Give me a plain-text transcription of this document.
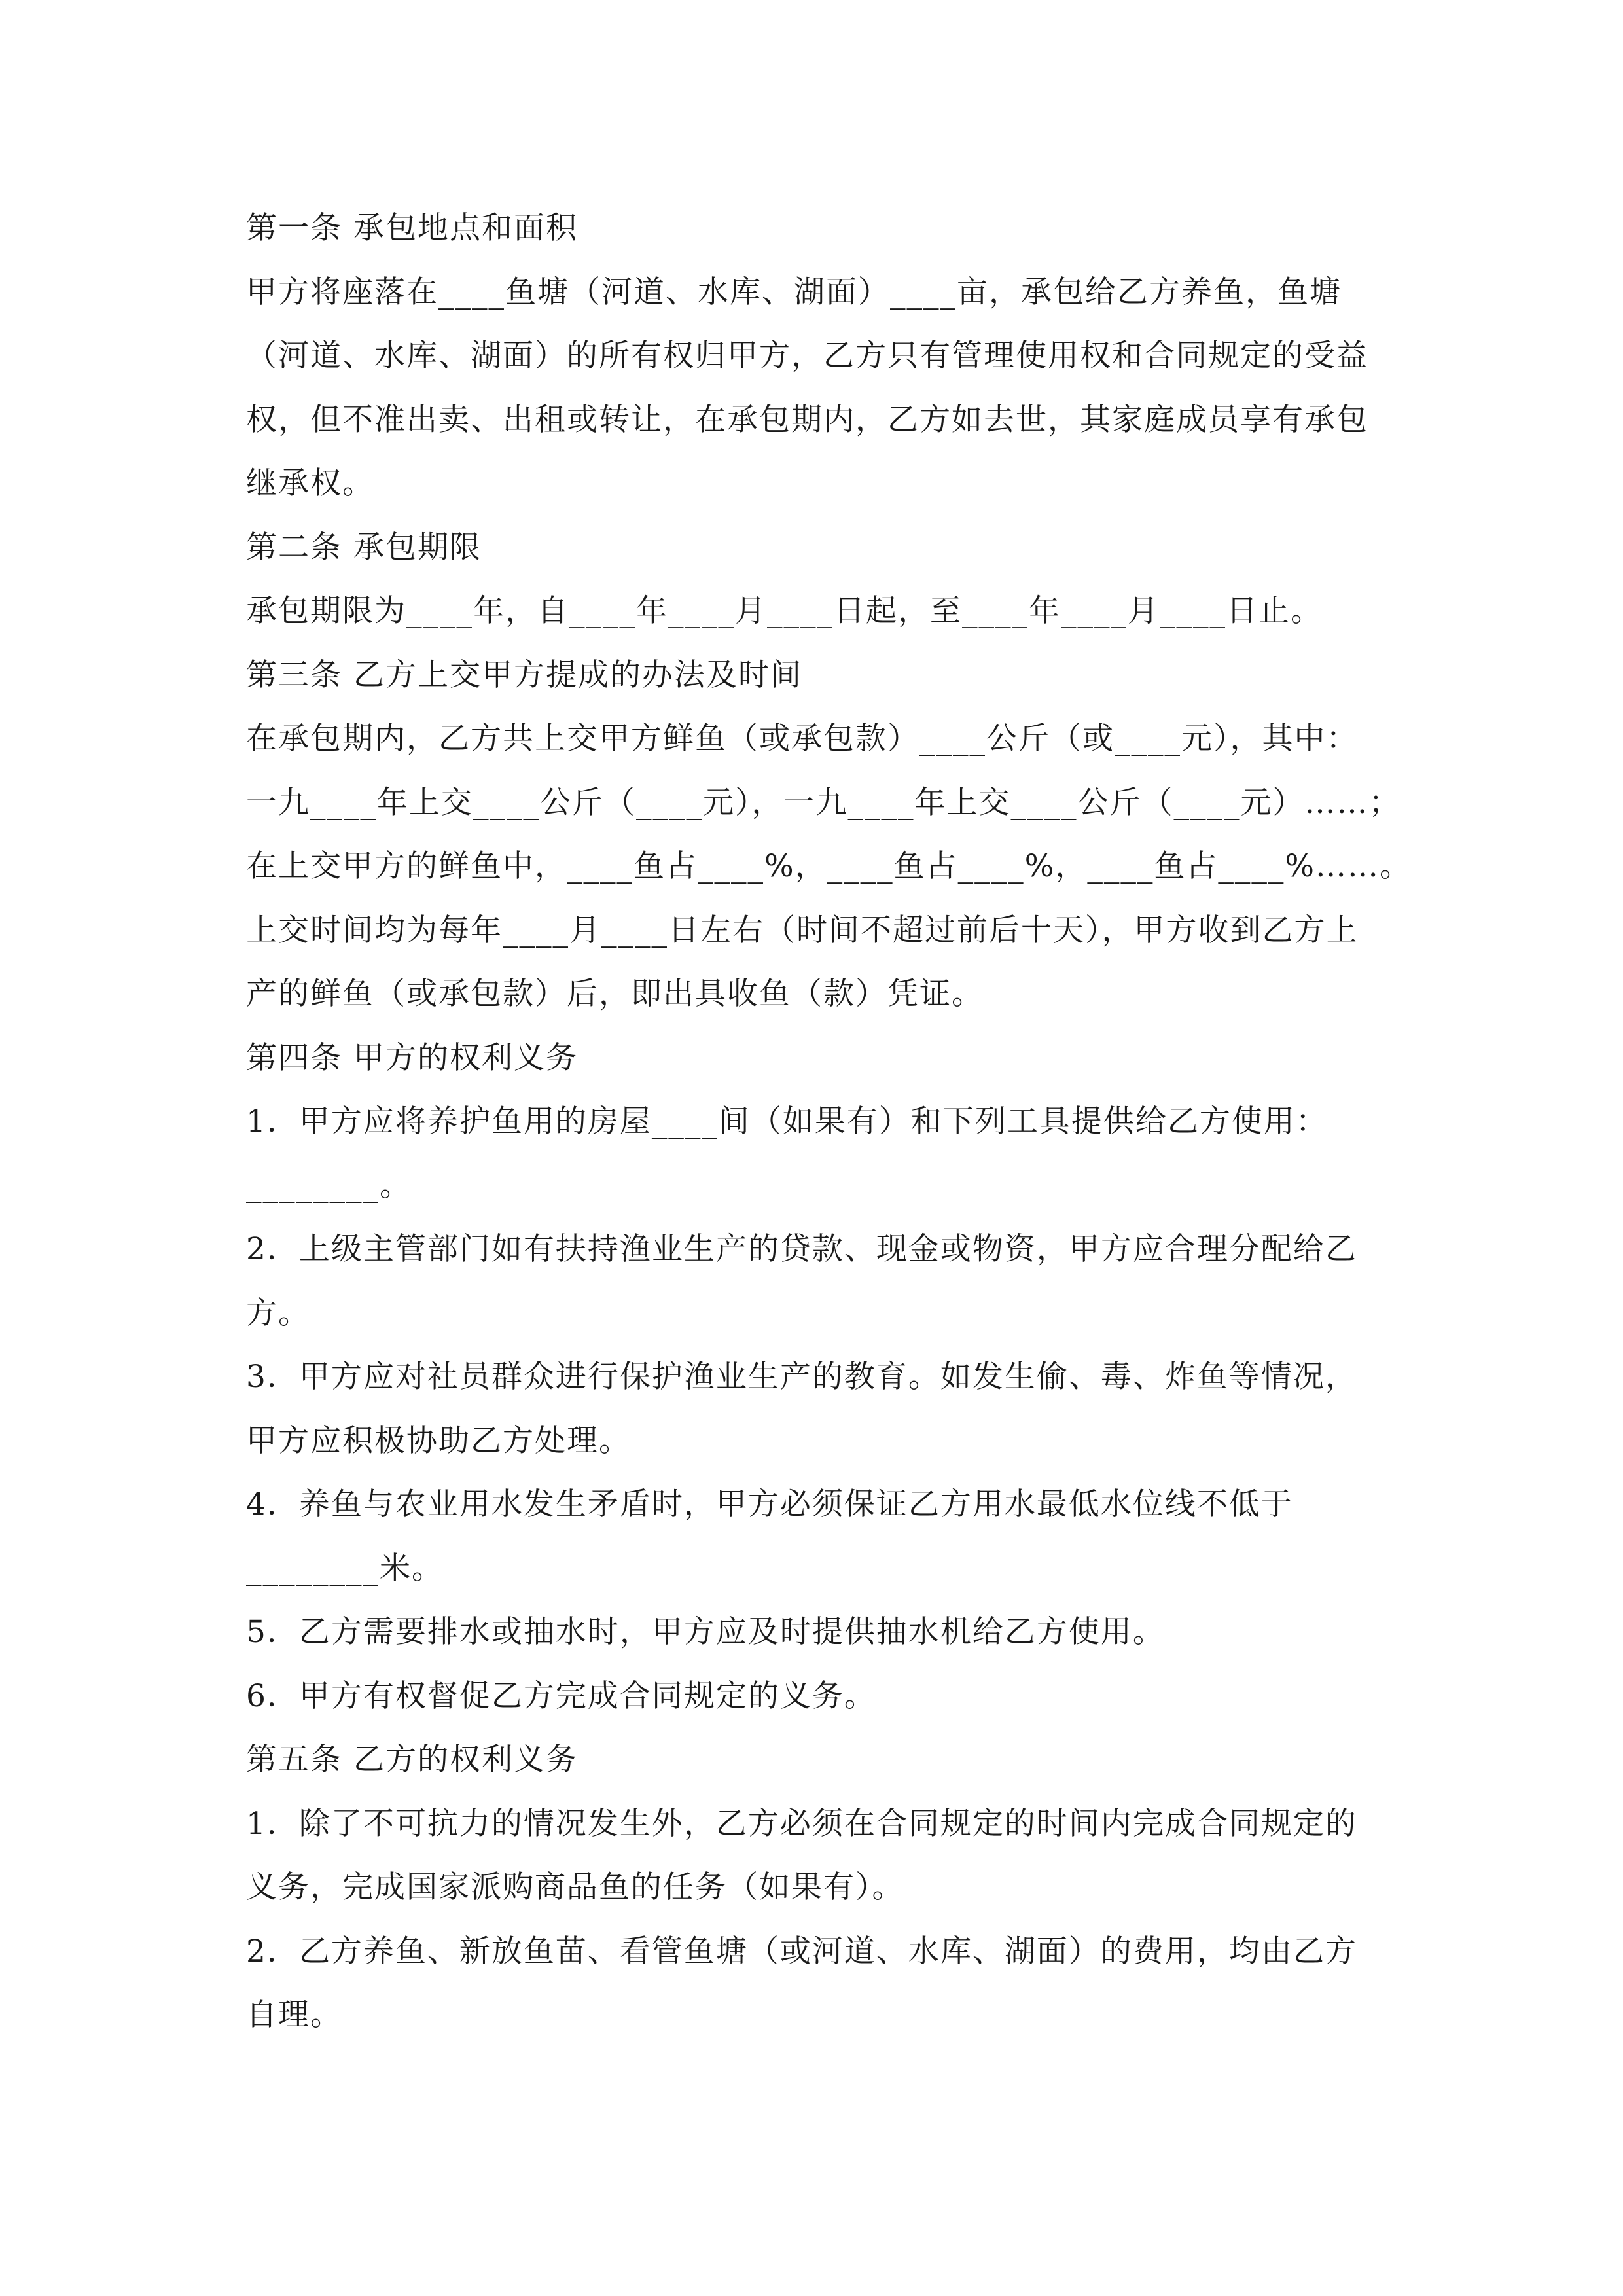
第一条 承包地点和面积
甲方将座落在____鱼塘（河道、水库、湖面）____亩，承包给乙方养鱼，鱼塘
（河道、水库、湖面）的所有权归甲方，乙方只有管理使用权和合同规定的受益
权，但不准出卖、出租或转让，在承包期内，乙方如去世，其家庭成员享有承包
继承权。
第二条 承包期限
承包期限为____年，自____年____月____日起，至____年____月____日止。
第三条 乙方上交甲方提成的办法及时间
在承包期内，乙方共上交甲方鲜鱼（或承包款）____公斤（或____元），其中：
一九____年上交____公斤（____元），一九____年上交____公斤（____元）……；
在上交甲方的鲜鱼中，____鱼占____%，____鱼占____%，____鱼占____%……。
上交时间均为每年____月____日左右（时间不超过前后十天），甲方收到乙方上
产的鲜鱼（或承包款）后，即出具收鱼（款）凭证。
第四条 甲方的权利义务
1．甲方应将养护鱼用的房屋____间（如果有）和下列工具提供给乙方使用：
________。
2．上级主管部门如有扶持渔业生产的贷款、现金或物资，甲方应合理分配给乙
方。
3．甲方应对社员群众进行保护渔业生产的教育。如发生偷、毒、炸鱼等情况，
甲方应积极协助乙方处理。
4．养鱼与农业用水发生矛盾时，甲方必须保证乙方用水最低水位线不低于
________米。
5．乙方需要排水或抽水时，甲方应及时提供抽水机给乙方使用。
6．甲方有权督促乙方完成合同规定的义务。
第五条 乙方的权利义务
1．除了不可抗力的情况发生外，乙方必须在合同规定的时间内完成合同规定的
义务，完成国家派购商品鱼的任务（如果有）。
2．乙方养鱼、新放鱼苗、看管鱼塘（或河道、水库、湖面）的费用，均由乙方
自理。
